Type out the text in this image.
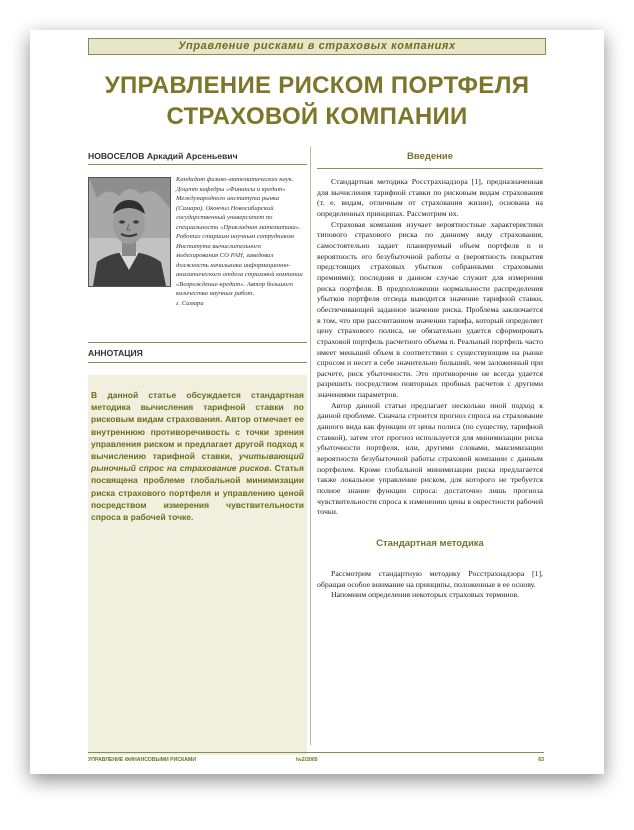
Управление рисками в страховых компаниях
УПРАВЛЕНИЕ РИСКОМ ПОРТФЕЛЯ
СТРАХОВОЙ КОМПАНИИ
НОВОСЕЛОВ Аркадий Арсеньевич

Кандидат физико-математических наук. Доцент кафедры «Финансы и кредит» Международного института рынка (Самара). Окончил Новосибирский государственный университет по специальности «Прикладная математика». Работал старшим научным сотрудником Института вычислительного моделирования СО РАН, заведовал должность начальника информационно-аналитического отдела страховой компании «Возрождение-кредит». Автор большого количества научных работ.

г. Самара

АННОТАЦИЯ

В данной статье обсуждается стандартная методика вычисления тарифной ставки по рисковым видам страхования. Автор отмечает ее внутреннюю противоречивость с точки зрения управления риском и предлагает другой подход к вычислению тарифной ставки, учитывающий рыночный спрос на страхование рисков. Статья посвящена проблеме глобальной минимизации риска страхового портфеля и управлению ценой посредством измерения чувствительности спроса в рабочей точке.

Введение

Стандартная методика Росстрахнадзора [1], предназначенная для вычисления тарифной ставки по рисковым видам страхования (т. е. видам, отличным от страхования жизни), основана на определенных принципах. Рассмотрим их.

Страховая компания изучает вероятностные характеристики типового страхового риска по данному виду страхования, самостоятельно задает планируемый объем портфеля n и вероятность его безубыточной работы α (вероятность покрытия предстоящих страховых убытков собранными страховыми премиями); последняя в данном случае служит для измерения риска портфеля. В предположении нормальности распределения убытков портфеля отсюда выводится значение тарифной ставки, обеспечивающей заданное значение риска. Проблема заключается в том, что при рассчитанном значении тарифа, который определяет цену страхового полиса, не обязательно удается сформировать страховой портфель расчетного объема n. Реальный портфель часто имеет меньший объем в соответствии с существующим на рынке спросом и несет в себе значительно больший, чем заложенный при расчете, риск убыточности. Это противоречие не всегда удается разрешить посредством повторных пробных расчетов с другими значениями параметров.

Автор данной статьи предлагает несколько иной подход к данной проблеме. Сначала строится прогноз спроса на страхование данного вида как функции от цены полиса (по существу, тарифной ставкой), затем этот прогноз используется для минимизации риска убыточности портфеля, или, другими словами, максимизации вероятности безубыточной работы страховой компании с данным портфелем. Кроме глобальной минимизации риска предлагается также локальное управление риском, для которого не требуется полное знание функции спроса: достаточно лишь прогноза чувствительности спроса к изменению цены в окрестности рабочей точки.

Стандартная методика

Рассмотрим стандартную методику Росстрахнадзора [1], обращая особое внимание на принципы, положенные в ее основу.

Напомним определения некоторых страховых терминов.

УПРАВЛЕНИЕ ФИНАНСОВЫМИ РИСКАМИ	№2/2005	63
